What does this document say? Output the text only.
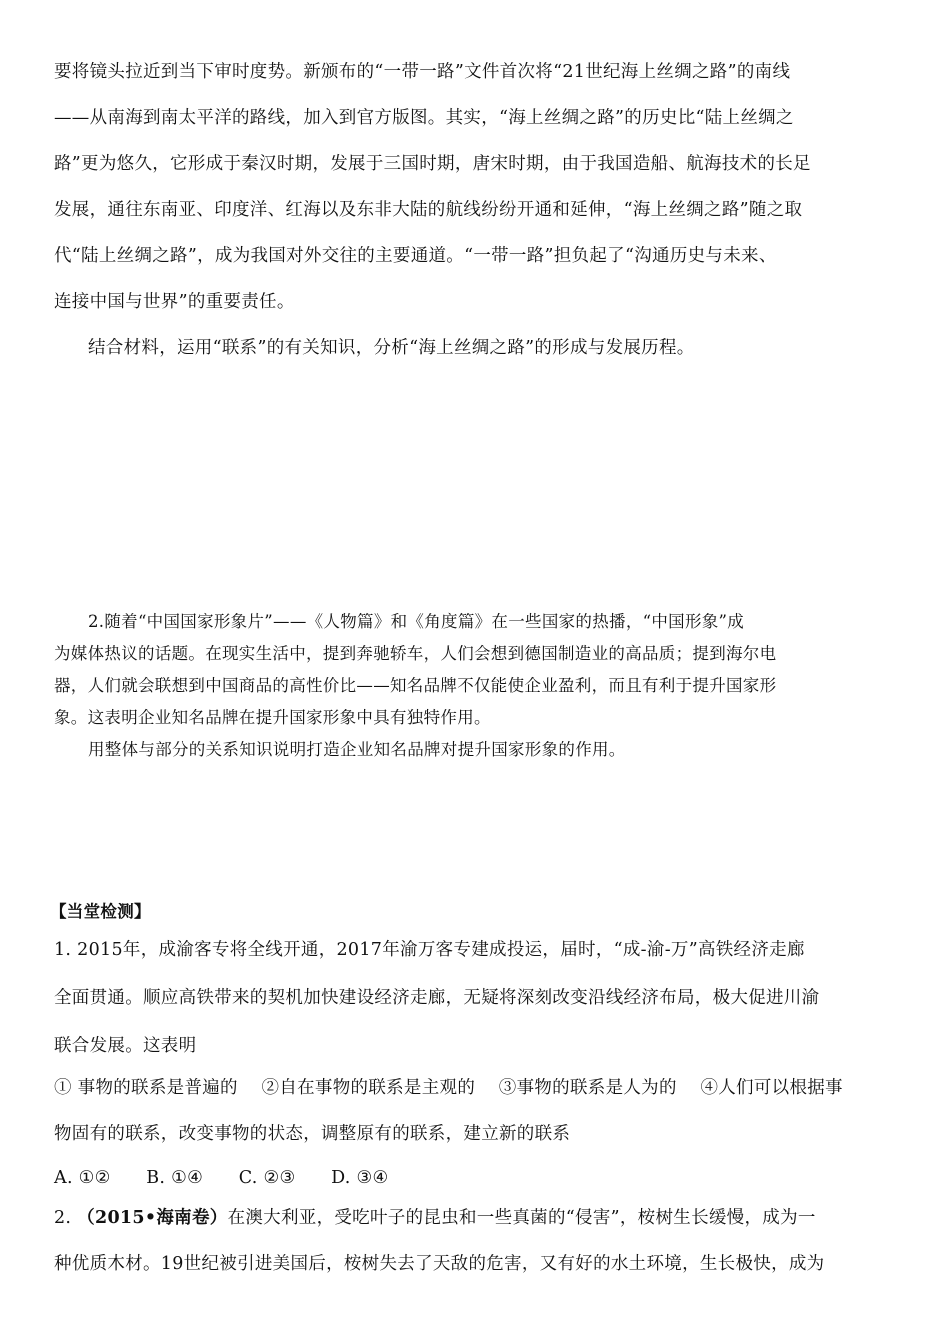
要将镜头拉近到当下审时度势。新颁布的“一带一路”文件首次将“21世纪海上丝绸之路”的南线
——从南海到南太平洋的路线，加入到官方版图。其实，“海上丝绸之路”的历史比“陆上丝绸之
路”更为悠久，它形成于秦汉时期，发展于三国时期，唐宋时期，由于我国造船、航海技术的长足
发展，通往东南亚、印度洋、红海以及东非大陆的航线纷纷开通和延伸，“海上丝绸之路”随之取
代“陆上丝绸之路”，成为我国对外交往的主要通道。“一带一路”担负起了“沟通历史与未来、
连接中国与世界”的重要责任。
结合材料，运用“联系”的有关知识，分析“海上丝绸之路”的形成与发展历程。
2.随着“中国国家形象片”——《人物篇》和《角度篇》在一些国家的热播，“中国形象”成
为媒体热议的话题。在现实生活中，提到奔驰轿车，人们会想到德国制造业的高品质；提到海尔电
器，人们就会联想到中国商品的高性价比——知名品牌不仅能使企业盈利，而且有利于提升国家形
象。这表明企业知名品牌在提升国家形象中具有独特作用。
用整体与部分的关系知识说明打造企业知名品牌对提升国家形象的作用。
【当堂检测】
1. 2015年，成渝客专将全线开通，2017年渝万客专建成投运，届时，“成-渝-万”高铁经济走廊
全面贯通。顺应高铁带来的契机加快建设经济走廊，无疑将深刻改变沿线经济布局，极大促进川渝
联合发展。这表明
① 事物的联系是普遍的　 ②自在事物的联系是主观的　 ③事物的联系是人为的　 ④人们可以根据事
物固有的联系，改变事物的状态，调整原有的联系，建立新的联系
A. ①②　　B. ①④　　C. ②③　　D. ③④
2. （2015•海南卷）在澳大利亚，受吃叶子的昆虫和一些真菌的“侵害”，桉树生长缓慢，成为一
种优质木材。19世纪被引进美国后，桉树失去了天敌的危害，又有好的水土环境，生长极快，成为
